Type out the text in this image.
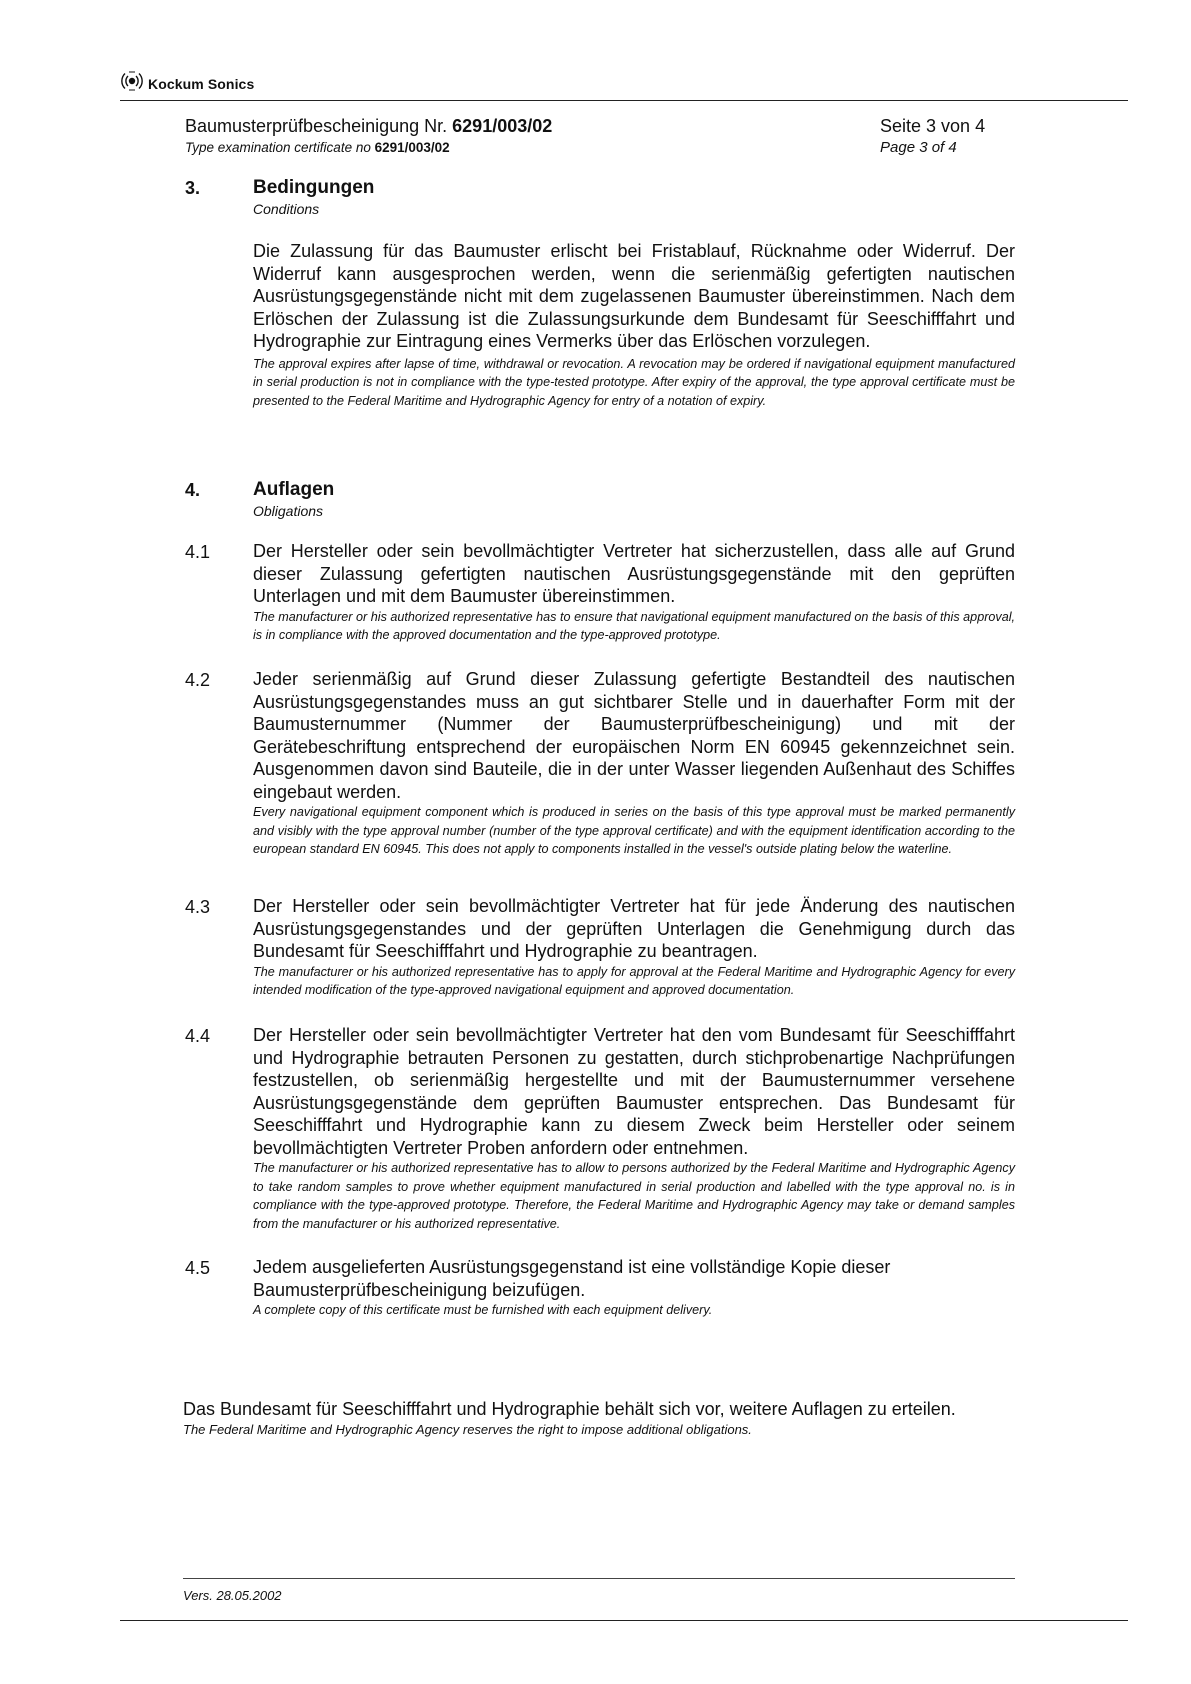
Kockum Sonics
Baumusterprüfbescheinigung Nr. 6291/003/02
Type examination certificate no 6291/003/02
Seite 3 von 4
Page 3 of 4
3.	Bedingungen
Conditions

Die Zulassung für das Baumuster erlischt bei Fristablauf, Rücknahme oder Widerruf. Der Widerruf kann ausgesprochen werden, wenn die serienmäßig gefertigten nautischen Ausrüstungsgegenstände nicht mit dem zugelassenen Baumuster übereinstimmen. Nach dem Erlöschen der Zulassung ist die Zulassungsurkunde dem Bundesamt für Seeschifffahrt und Hydrographie zur Eintragung eines Vermerks über das Erlöschen vorzulegen.

The approval expires after lapse of time, withdrawal or revocation. A revocation may be ordered if navigational equipment manufactured in serial production is not in compliance with the type-tested prototype. After expiry of the approval, the type approval certificate must be presented to the Federal Maritime and Hydrographic Agency for entry of a notation of expiry.

4.	Auflagen
Obligations
4.1 Der Hersteller oder sein bevollmächtigter Vertreter hat sicherzustellen, dass alle auf Grund dieser Zulassung gefertigten nautischen Ausrüstungsgegenstände mit den geprüften Unterlagen und mit dem Baumuster übereinstimmen.

The manufacturer or his authorized representative has to ensure that navigational equipment manufactured on the basis of this approval, is in compliance with the approved documentation and the type-approved prototype.

4.2 Jeder serienmäßig auf Grund dieser Zulassung gefertigte Bestandteil des nautischen Ausrüstungsgegenstandes muss an gut sichtbarer Stelle und in dauerhafter Form mit der Baumusternummer (Nummer der Baumusterprüfbescheinigung) und mit der Gerätebeschriftung entsprechend der europäischen Norm EN 60945 gekennzeichnet sein. Ausgenommen davon sind Bauteile, die in der unter Wasser liegenden Außenhaut des Schiffes eingebaut werden.

Every navigational equipment component which is produced in series on the basis of this type approval must be marked permanently and visibly with the type approval number (number of the type approval certificate) and with the equipment identification according to the european standard EN 60945. This does not apply to components installed in the vessel's outside plating below the waterline.

4.3 Der Hersteller oder sein bevollmächtigter Vertreter hat für jede Änderung des nautischen Ausrüstungsgegenstandes und der geprüften Unterlagen die Genehmigung durch das Bundesamt für Seeschifffahrt und Hydrographie zu beantragen.

The manufacturer or his authorized representative has to apply for approval at the Federal Maritime and Hydrographic Agency for every intended modification of the type-approved navigational equipment and approved documentation.

4.4 Der Hersteller oder sein bevollmächtigter Vertreter hat den vom Bundesamt für Seeschifffahrt und Hydrographie betrauten Personen zu gestatten, durch stichprobenartige Nachprüfungen festzustellen, ob serienmäßig hergestellte und mit der Baumusternummer versehene Ausrüstungsgegenstände dem geprüften Baumuster entsprechen. Das Bundesamt für Seeschifffahrt und Hydrographie kann zu diesem Zweck beim Hersteller oder seinem bevollmächtigten Vertreter Proben anfordern oder entnehmen.

The manufacturer or his authorized representative has to allow to persons authorized by the Federal Maritime and Hydrographic Agency to take random samples to prove whether equipment manufactured in serial production and labelled with the type approval no. is in compliance with the type-approved prototype. Therefore, the Federal Maritime and Hydrographic Agency may take or demand samples from the manufacturer or his authorized representative.

4.5 Jedem ausgelieferten Ausrüstungsgegenstand ist eine vollständige Kopie dieser Baumusterprüfbescheinigung beizufügen.

A complete copy of this certificate must be furnished with each equipment delivery.

Das Bundesamt für Seeschifffahrt und Hydrographie behält sich vor, weitere Auflagen zu erteilen.

The Federal Maritime and Hydrographic Agency reserves the right to impose additional obligations.

Vers. 28.05.2002
